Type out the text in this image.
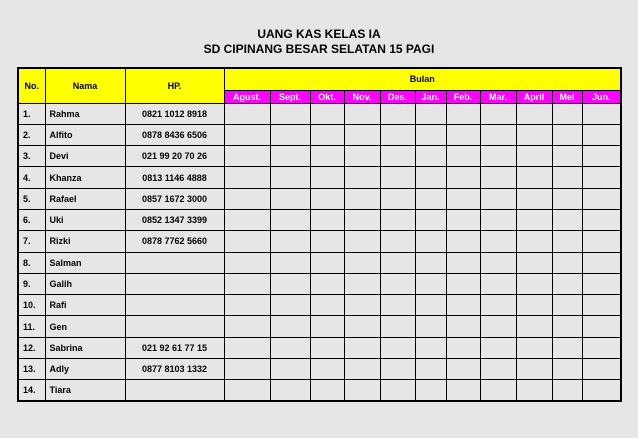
UANG KAS KELAS IA
SD CIPINANG BESAR SELATAN 15 PAGI
No.	Nama	HP.	Bulan										
			Agust.	Sept.	Okt.	Nov.	Des.	Jan.	Feb.	Mar.	April	Mei	Jun.
1.	Rahma	0821 1012 8918											
2.	Alfito	0878 8436 6506											
3.	Devi	021 99 20 70 26											
4.	Khanza	0813 1146 4888											
5.	Rafael	0857 1672 3000											
6.	Uki	0852 1347 3399											
7.	Rizki	0878 7762 5660											
8.	Salman												
9.	Galih												
10.	Rafi												
11.	Gen												
12.	Sabrina	021 92 61 77 15											
13.	Adly	0877 8103 1332											
14.	Tiara												
